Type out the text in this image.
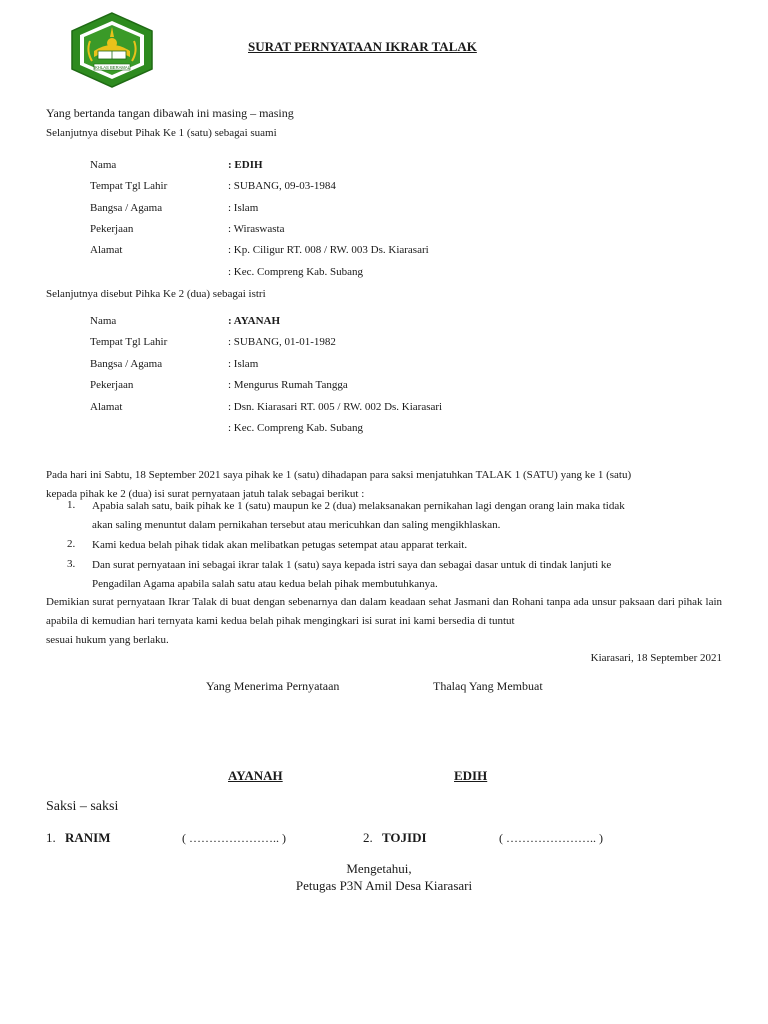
IKHLAS BERAMAL
SURAT PERNYATAAN IKRAR TALAK
Yang bertanda tangan dibawah ini masing – masing
Selanjutnya disebut Pihak Ke 1 (satu) sebagai suami
Nama	: EDIH
Tempat Tgl Lahir	: SUBANG, 09-03-1984
Bangsa / Agama	: Islam
Pekerjaan	: Wiraswasta
Alamat	: Kp. Ciligur RT. 008 / RW. 003 Ds. Kiarasari
: Kec. Compreng Kab. Subang
Selanjutnya disebut Pihka Ke 2 (dua) sebagai istri
Nama	: AYANAH
Tempat Tgl Lahir	: SUBANG, 01-01-1982
Bangsa / Agama	: Islam
Pekerjaan	: Mengurus Rumah Tangga
Alamat	: Dsn. Kiarasari RT. 005 / RW. 002 Ds. Kiarasari
: Kec. Compreng Kab. Subang
Pada hari ini Sabtu, 18 September 2021 saya pihak ke 1 (satu) dihadapan para saksi menjatuhkan TALAK 1 (SATU) yang ke 1 (satu)
kepada pihak ke 2 (dua) isi surat pernyataan jatuh talak sebagai berikut :
1. Apabia salah satu, baik pihak ke 1 (satu) maupun ke 2 (dua) melaksanakan pernikahan lagi dengan orang lain maka tidak
akan saling menuntut dalam pernikahan tersebut atau mericuhkan dan saling mengikhlaskan.
2. Kami kedua belah pihak tidak akan melibatkan petugas setempat atau apparat terkait.
3. Dan surat pernyataan ini sebagai ikrar talak 1 (satu) saya kepada istri saya dan sebagai dasar untuk di tindak lanjuti ke
Pengadilan Agama apabila salah satu atau kedua belah pihak membutuhkanya.
Demikian surat pernyataan Ikrar Talak di buat dengan sebenarnya dan dalam keadaan sehat Jasmani dan Rohani tanpa ada unsur paksaan dari pihak lain apabila di kemudian hari ternyata kami kedua belah pihak mengingkari isi surat ini kami bersedia di tuntut
sesuai hukum yang berlaku.
Kiarasari, 18 September 2021
Yang Menerima Pernyataan	Thalaq Yang Membuat
AYANAH	EDIH
Saksi – saksi
1. RANIM	( ………………….. )	2. TOJIDI	( ………………….. )
Mengetahui,
Petugas P3N Amil Desa Kiarasari
